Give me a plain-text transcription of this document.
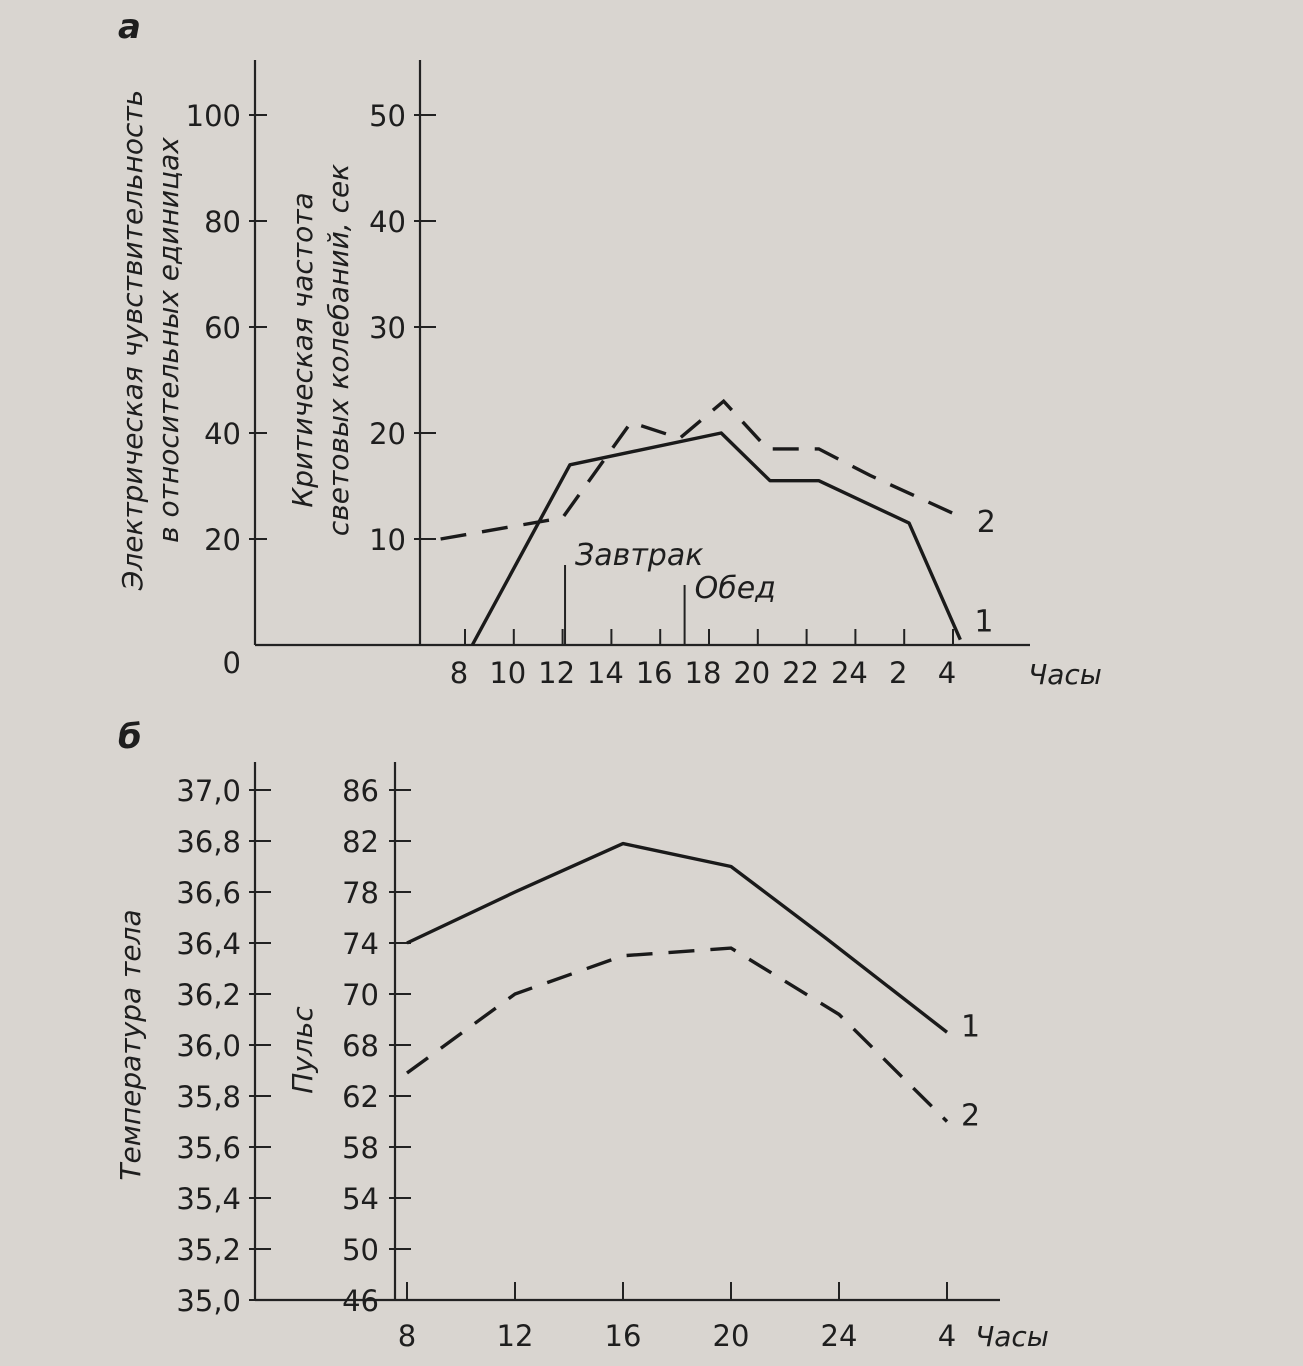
а
0
20
40
60
80
100
10
20
30
40
50
8 10 12 14 16 18 20 22 24 2 4	Часы
Электрическая чувствительность в относительных единицах	Критическая частота световых колебаний, сек
Завтрак
Обед
1
2
б
35,0
35,2
35,4
35,6
35,8
36,0
36,2
36,4
36,6
36,8
37,0
46
50
54
58
62
68
70
74
78
82
86
8	12 16 20 24	4 Часы
Температура тела	Пульс	1
2
